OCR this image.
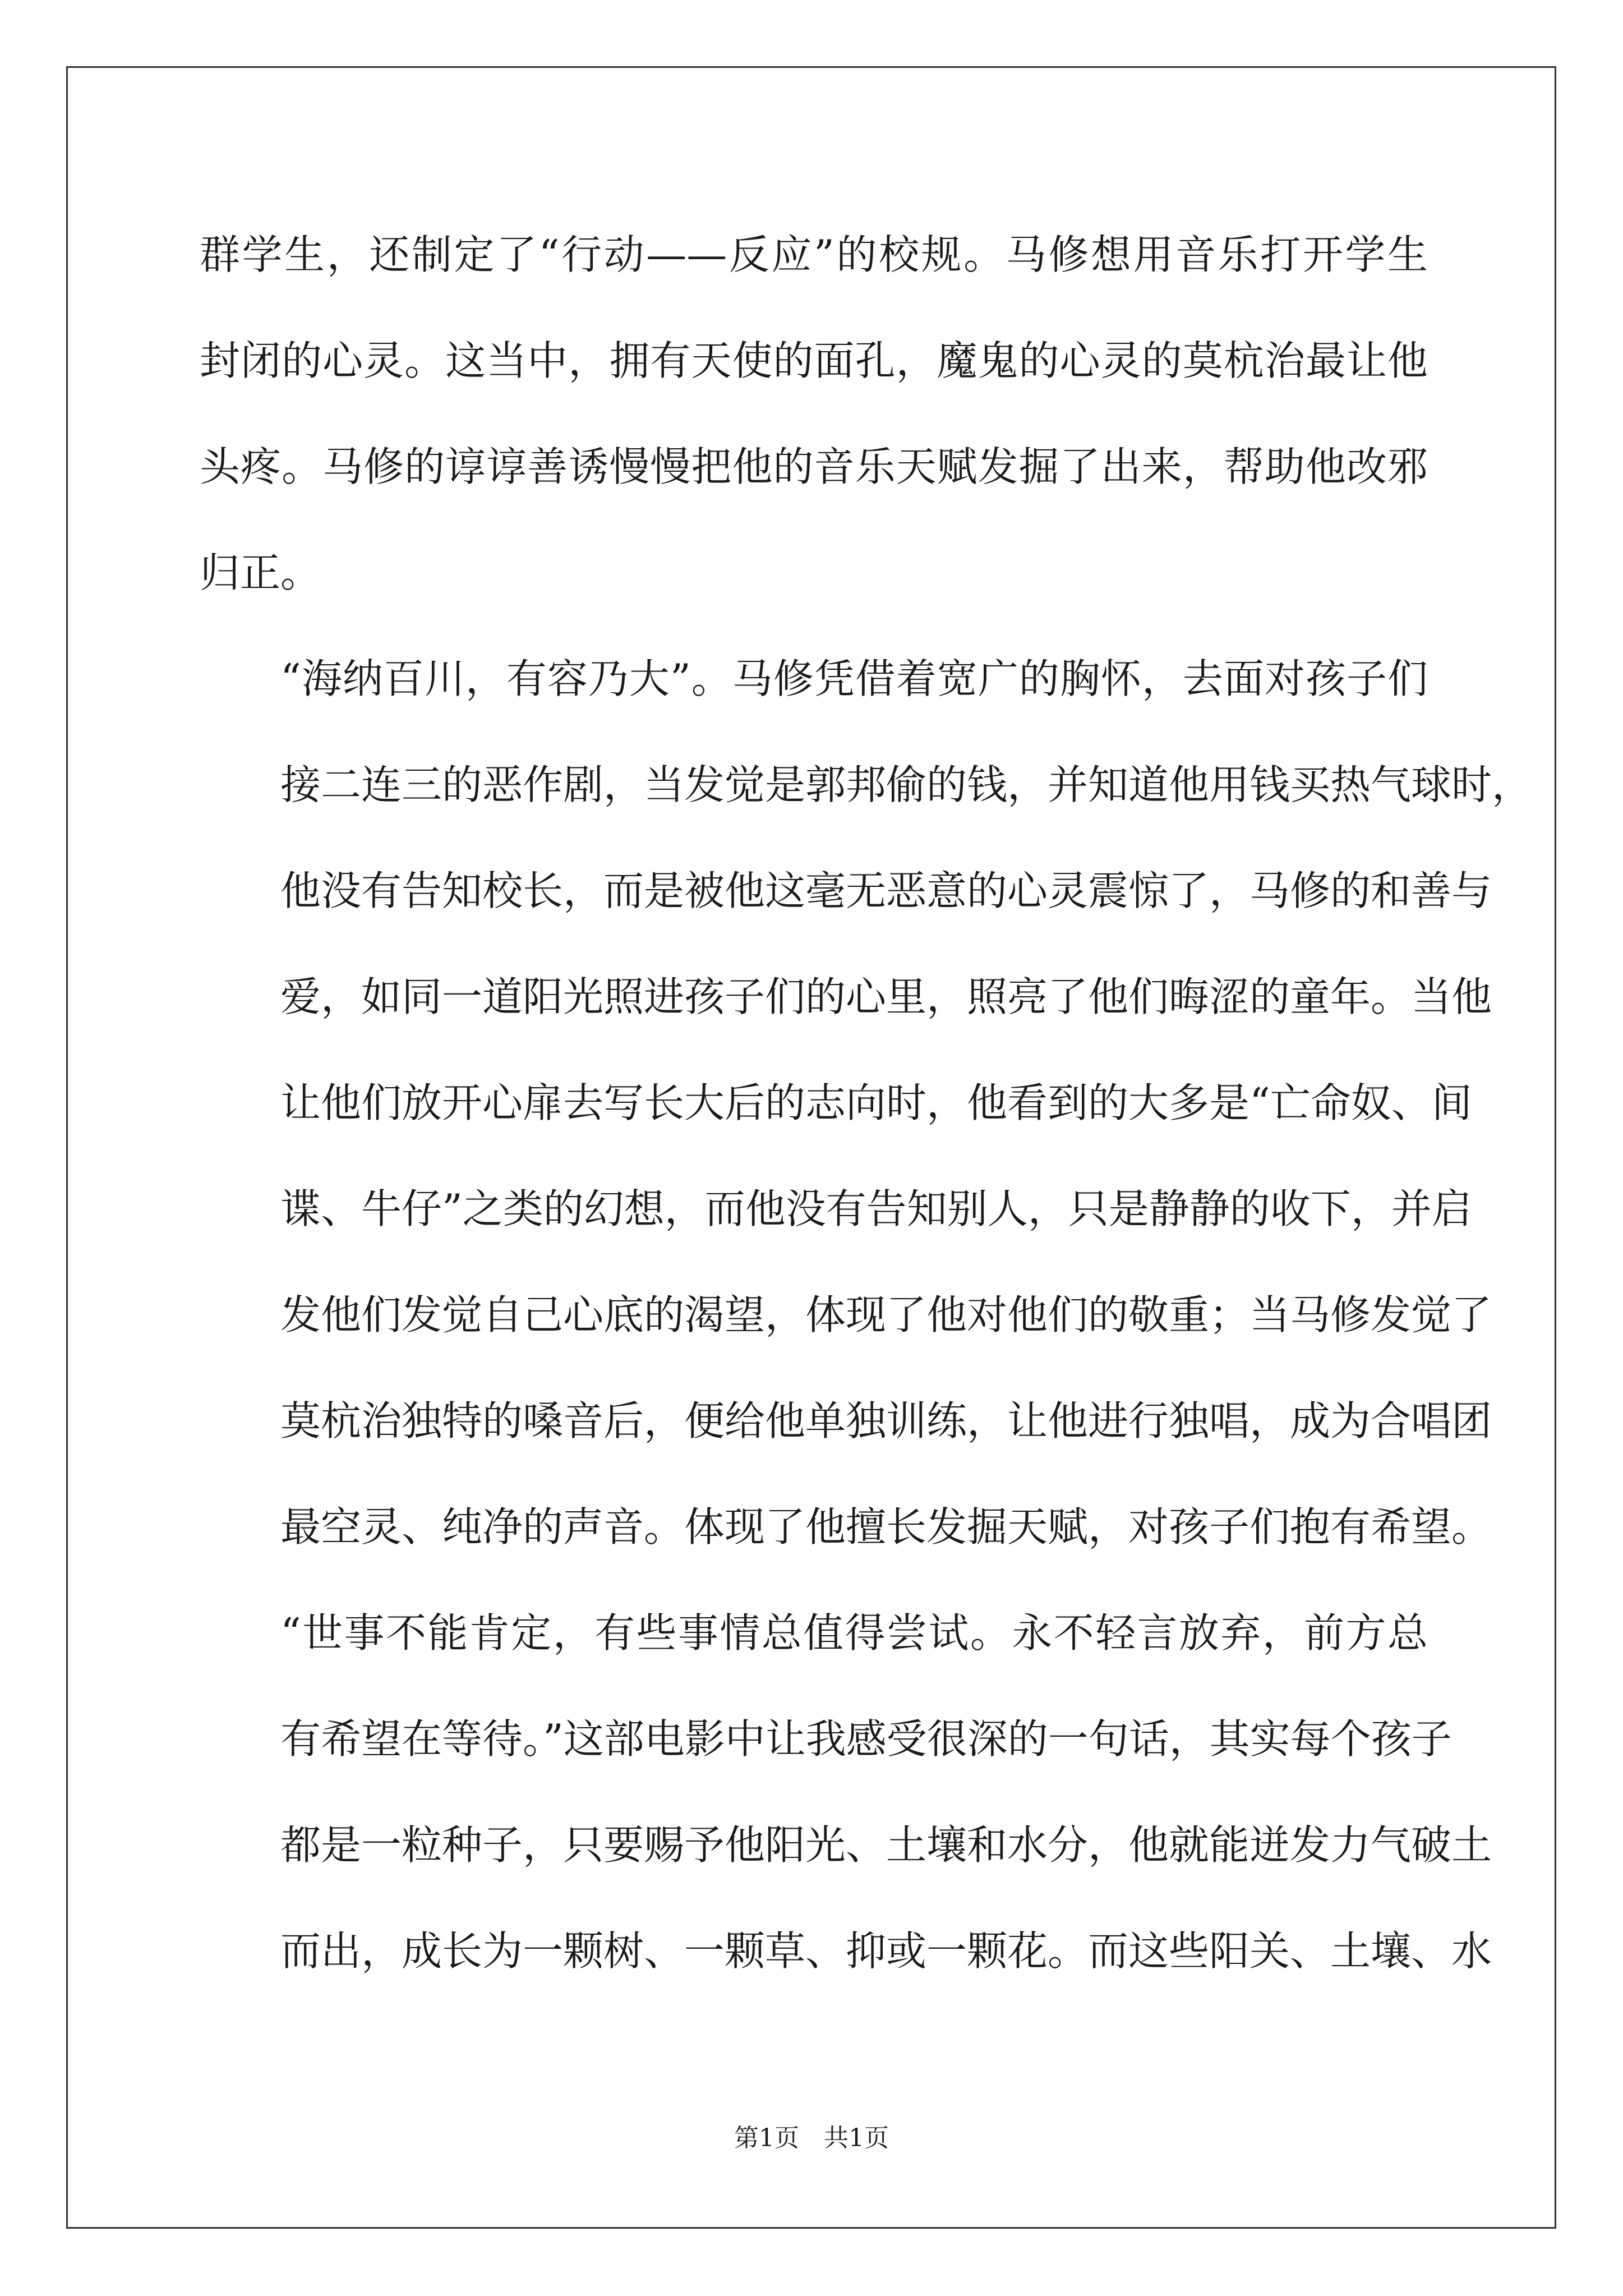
群学生，还制定了“行动——反应”的校规。马修想用音乐打开学生
封闭的心灵。这当中，拥有天使的面孔，魔鬼的心灵的莫杭治最让他
头疼。马修的谆谆善诱慢慢把他的音乐天赋发掘了出来，帮助他改邪
归正。

“海纳百川，有容乃大”。马修凭借着宽广的胸怀，去面对孩子们
接二连三的恶作剧，当发觉是郭邦偷的钱，并知道他用钱买热气球时，
他没有告知校长，而是被他这毫无恶意的心灵震惊了，马修的和善与
爱，如同一道阳光照进孩子们的心里，照亮了他们晦涩的童年。当他
让他们放开心扉去写长大后的志向时，他看到的大多是“亡命奴、间
谍、牛仔”之类的幻想，而他没有告知别人，只是静静的收下，并启
发他们发觉自己心底的渴望，体现了他对他们的敬重；当马修发觉了
莫杭治独特的嗓音后，便给他单独训练，让他进行独唱，成为合唱团
最空灵、纯净的声音。体现了他擅长发掘天赋，对孩子们抱有希望。

“世事不能肯定，有些事情总值得尝试。永不轻言放弃，前方总
有希望在等待。”这部电影中让我感受很深的一句话，其实每个孩子
都是一粒种子，只要赐予他阳光、土壤和水分，他就能迸发力气破土
而出，成长为一颗树、一颗草、抑或一颗花。而这些阳关、土壤、水

第1页 共1页
